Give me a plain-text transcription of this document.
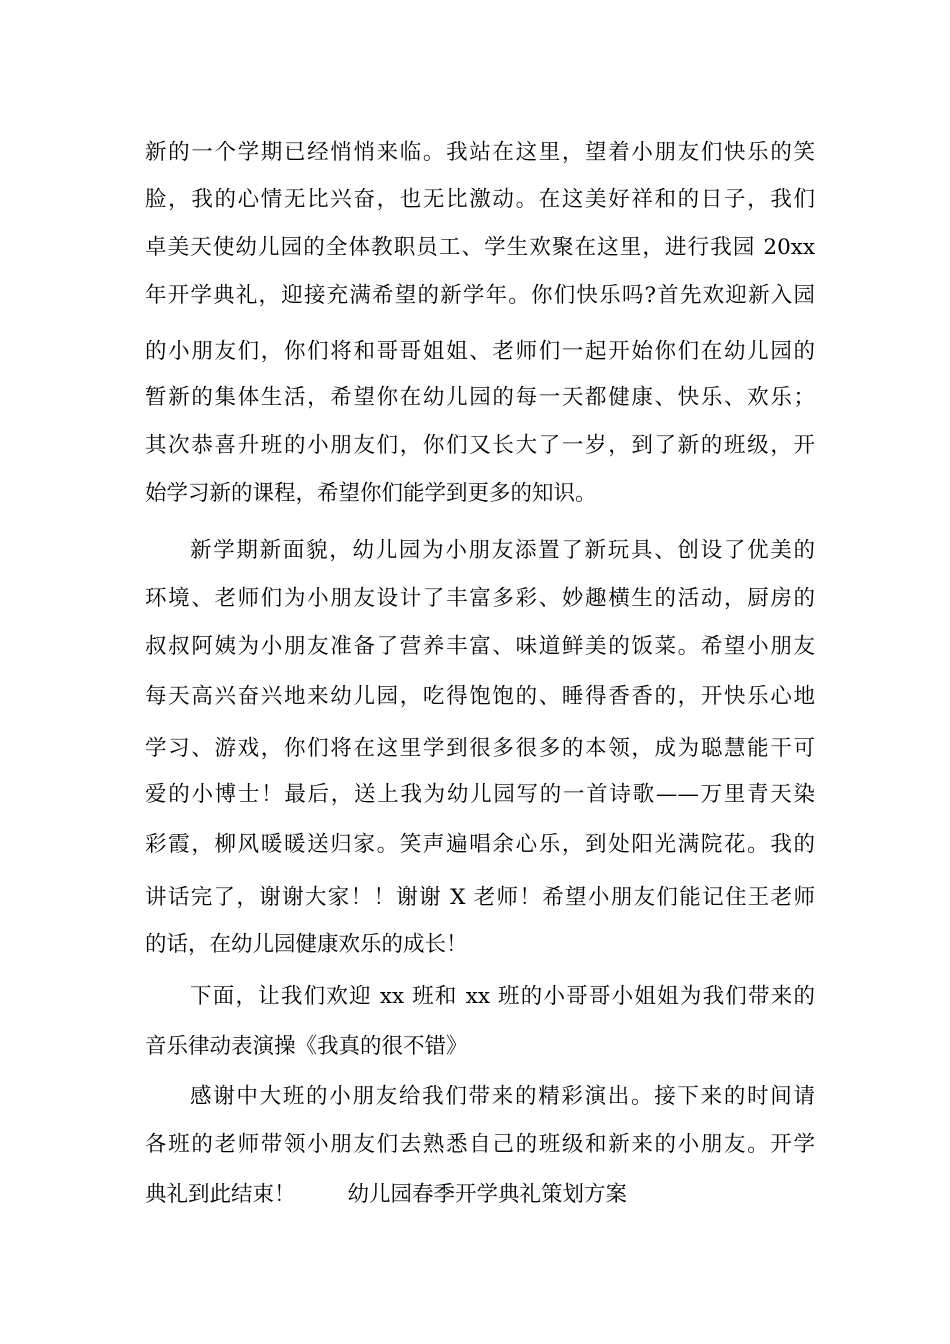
新的一个学期已经悄悄来临。我站在这里，望着小朋友们快乐的笑
脸，我的心情无比兴奋，也无比激动。在这美好祥和的日子，我们
卓美天使幼儿园的全体教职员工、学生欢聚在这里，进行我园 20xx
年开学典礼，迎接充满希望的新学年。你们快乐吗?首先欢迎新入园
的小朋友们，你们将和哥哥姐姐、老师们一起开始你们在幼儿园的
暂新的集体生活，希望你在幼儿园的每一天都健康、快乐、欢乐；
其次恭喜升班的小朋友们，你们又长大了一岁，到了新的班级，开
始学习新的课程，希望你们能学到更多的知识。
新学期新面貌，幼儿园为小朋友添置了新玩具、创设了优美的
环境、老师们为小朋友设计了丰富多彩、妙趣横生的活动，厨房的
叔叔阿姨为小朋友准备了营养丰富、味道鲜美的饭菜。希望小朋友
每天高兴奋兴地来幼儿园，吃得饱饱的、睡得香香的，开快乐心地
学习、游戏，你们将在这里学到很多很多的本领，成为聪慧能干可
爱的小博士！最后，送上我为幼儿园写的一首诗歌——万里青天染
彩霞，柳风暖暖送归家。笑声遍唱余心乐，到处阳光满院花。我的
讲话完了，谢谢大家！！谢谢 X 老师！希望小朋友们能记住王老师
的话，在幼儿园健康欢乐的成长！
下面，让我们欢迎 xx 班和 xx 班的小哥哥小姐姐为我们带来的
音乐律动表演操《我真的很不错》
感谢中大班的小朋友给我们带来的精彩演出。接下来的时间请
各班的老师带领小朋友们去熟悉自己的班级和新来的小朋友。开学
典礼到此结束！ 幼儿园春季开学典礼策划方案
